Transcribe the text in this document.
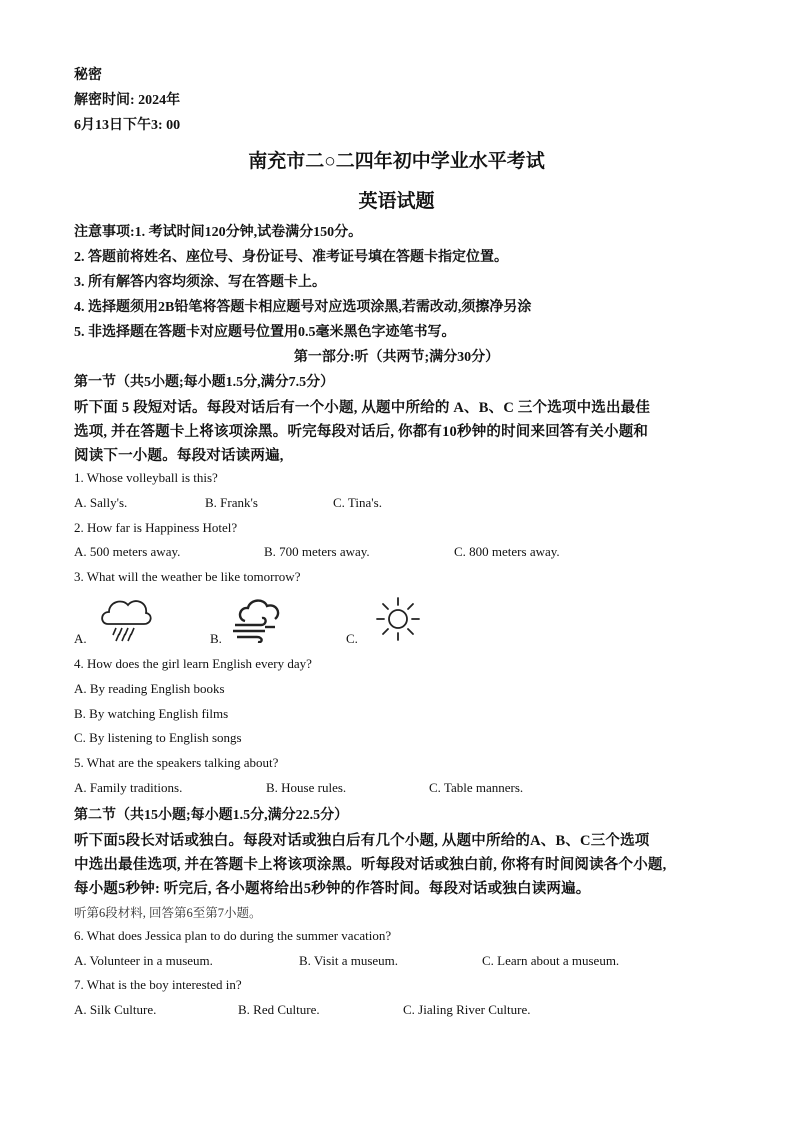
秘密
解密时间: 2024年
6月13日下午3: 00
南充市二○二四年初中学业水平考试
英语试题
注意事项:1. 考试时间120分钟,试卷满分150分。
2. 答题前将姓名、座位号、身份证号、准考证号填在答题卡指定位置。
3. 所有解答内容均须涂、写在答题卡上。
4. 选择题须用2B铅笔将答题卡相应题号对应选项涂黑,若需改动,须擦净另涂
5. 非选择题在答题卡对应题号位置用0.5毫米黑色字迹笔书写。
第一部分:听（共两节;满分30分）
第一节（共5小题;每小题1.5分,满分7.5分）
听下面 5 段短对话。每段对话后有一个小题, 从题中所给的 A、B、C 三个选项中选出最佳
选项, 并在答题卡上将该项涂黑。听完每段对话后, 你都有10秒钟的时间来回答有关小题和
阅读下一小题。每段对话读两遍,
1. Whose volleyball is this?
A. Sally's.	B. Frank's	C. Tina's.
2. How far is Happiness Hotel?
A. 500 meters away.	B. 700 meters away.	C. 800 meters away.
3. What will the weather be like tomorrow?
A.	B.	C.
4. How does the girl learn English every day?
A. By reading English books
B. By watching English films
C. By listening to English songs
5. What are the speakers talking about?
A. Family traditions.	B. House rules.	C. Table manners.
第二节（共15小题;每小题1.5分,满分22.5分）
听下面5段长对话或独白。每段对话或独白后有几个小题, 从题中所给的A、B、C三个选项
中选出最佳选项, 并在答题卡上将该项涂黑。听每段对话或独白前, 你将有时间阅读各个小题,
每小题5秒钟: 听完后, 各小题将给出5秒钟的作答时间。每段对话或独白读两遍。
听第6段材料, 回答第6至第7小题。
6. What does Jessica plan to do during the summer vacation?
A. Volunteer in a museum.	B. Visit a museum.	C. Learn about a museum.
7. What is the boy interested in?
A. Silk Culture.	B. Red Culture.	C. Jialing River Culture.
